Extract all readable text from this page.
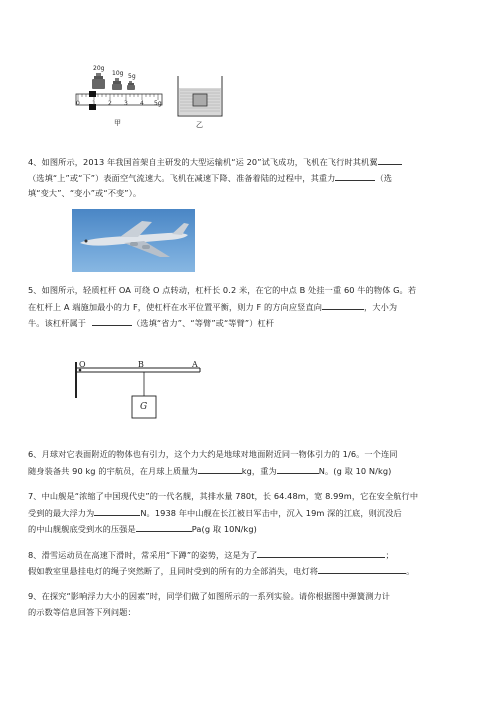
20g
10g 5g
0 1 2 3 4 5g
甲	乙
4、如图所示，2013 年我国首架自主研发的大型运输机“运 20”试飞成功，飞机在飞行时其机翼
（选填“上”或“下”）表面空气流速大。飞机在减速下降、准备着陆的过程中，其重力	（选
填“变大”、“变小”或“不变”）。
5、如图所示，轻质杠杆 OA 可绕 O 点转动，杠杆长 0.2 米，在它的中点 B 处挂一重 60 牛的物体 G。若
在杠杆上 A 端施加最小的力 F，使杠杆在水平位置平衡，则力 F 的方向应竖直向	，大小为
牛。该杠杆属于	（选填“省力”、“等臂”或“等臂”）杠杆
O	B	A
G
6、月球对它表面附近的物体也有引力，这个力大约是地球对地面附近同一物体引力的 1/6。一个连同
随身装备共 90 kg 的宇航员，在月球上质量为	kg，重为	N。(g 取 10 N/kg)
7、中山舰是“浓缩了中国现代史”的一代名舰，其排水量 780t，长 64.48m，宽 8.99m，它在安全航行中
受到的最大浮力为	N。1938 年中山舰在长江被日军击中，沉入 19m 深的江底，则沉没后
的中山舰舰底受到水的压强是	Pa(g 取 10N/kg)
8、滑雪运动员在高速下滑时，常采用“下蹲”的姿势，这是为了	；
假如教室里悬挂电灯的绳子突然断了，且同时受到的所有的力全部消失，电灯将	。
9、在探究“影响浮力大小的因素”时，同学们做了如图所示的一系列实验。请你根据图中弹簧测力计
的示数等信息回答下列问题：
